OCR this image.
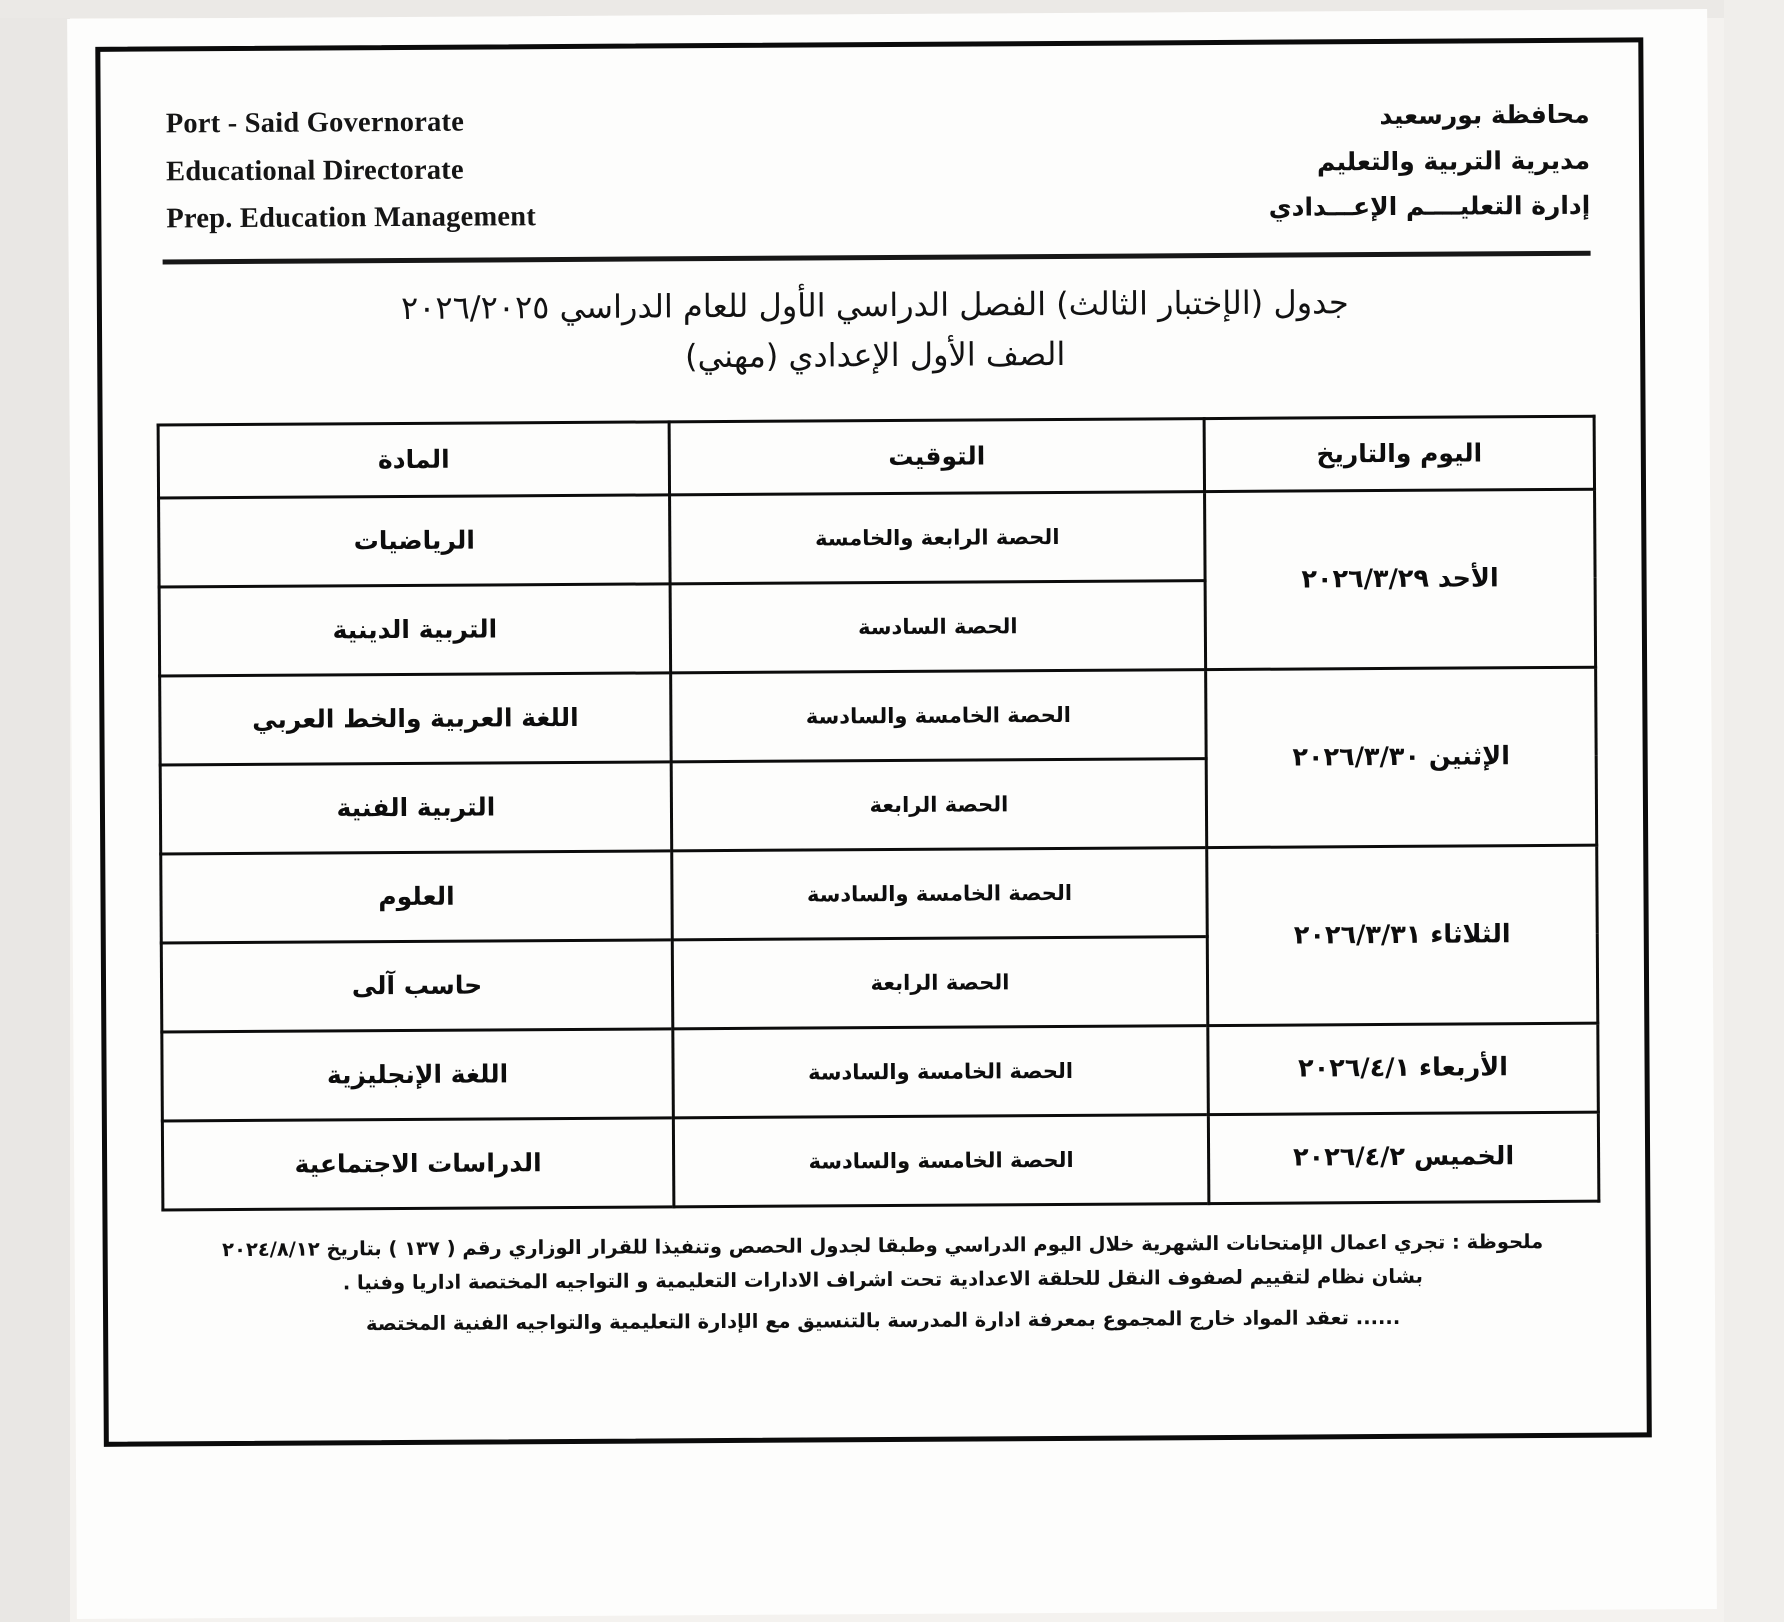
Port - Said Governorate
Educational Directorate
Prep. Education Management
محافظة بورسعيد
مديرية التربية والتعليم
إدارة التعليــــم الإعـــدادي
جدول (الإختبار الثالث) الفصل الدراسي الأول للعام الدراسي ٢٠٢٦/٢٠٢٥
الصف الأول الإعدادي (مهني)
اليوم والتاريخ	التوقيت	المادة
الأحد ٢٠٢٦/٣/٢٩	الحصة الرابعة والخامسة	الرياضيات
	الحصة السادسة	التربية الدينية
الإثنين ٢٠٢٦/٣/٣٠	الحصة الخامسة والسادسة	اللغة العربية والخط العربي
	الحصة الرابعة	التربية الفنية
الثلاثاء ٢٠٢٦/٣/٣١	الحصة الخامسة والسادسة	العلوم
	الحصة الرابعة	حاسب آلى
الأربعاء ٢٠٢٦/٤/١	الحصة الخامسة والسادسة	اللغة الإنجليزية
الخميس ٢٠٢٦/٤/٢	الحصة الخامسة والسادسة	الدراسات الاجتماعية
ملحوظة : تجري اعمال الإمتحانات الشهرية خلال اليوم الدراسي وطبقا لجدول الحصص وتنفيذا للقرار الوزاري رقم ( ١٣٧ ) بتاريخ ٢٠٢٤/٨/١٢
بشان نظام لتقييم لصفوف النقل للحلقة الاعدادية تحت اشراف الادارات التعليمية و التواجيه المختصة اداريا وفنيا .
...... تعقد المواد خارج المجموع بمعرفة ادارة المدرسة بالتنسيق مع الإدارة التعليمية والتواجيه الفنية المختصة
